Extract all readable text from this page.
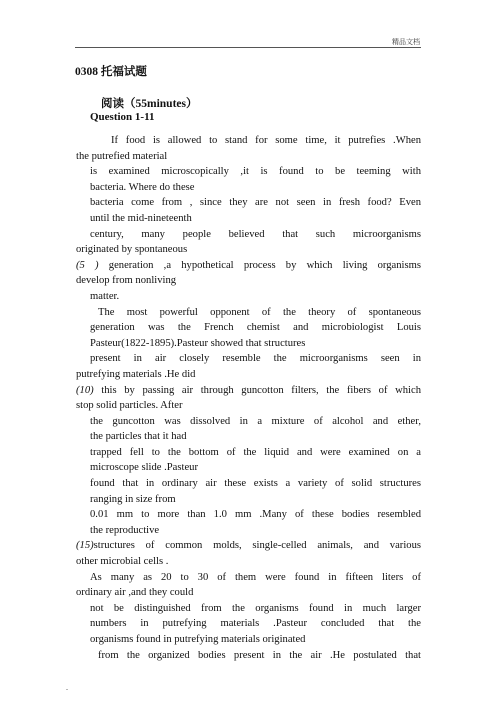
精品文档
0308 托福试题
阅读（55minutes）
Question 1-11
If food is allowed to stand for some time, it putrefies .When
the putrefied material
is examined microscopically ,it is found to be teeming with
bacteria. Where do these
bacteria come from , since they are not seen in fresh food? Even
until the mid-nineteenth
century, many people believed that such microorganisms
originated by spontaneous
(5 ) generation ,a hypothetical process by which living organisms
develop from nonliving
matter.
The most powerful opponent of the theory of spontaneous
generation was the French chemist and microbiologist Louis
Pasteur(1822-1895).Pasteur showed that structures
present in air closely resemble the microorganisms seen in
putrefying materials .He did
(10) this by passing air through guncotton filters, the fibers of which
stop solid particles. After
the guncotton was dissolved in a mixture of alcohol and ether,
the particles that it had
trapped fell to the bottom of the liquid and were examined on a
microscope slide .Pasteur
found that in ordinary air these exists a variety of solid structures
ranging in size from
0.01 mm to more than 1.0 mm .Many of these bodies resembled
the reproductive
(15)structures of common molds, single-celled animals, and various
other microbial cells .
As many as 20 to 30 of them were found in fifteen liters of
ordinary air ,and they could
not be distinguished from the organisms found in much larger
numbers in putrefying materials .Pasteur concluded that the
organisms found in putrefying materials originated
from the organized bodies present in the air .He postulated that
.
